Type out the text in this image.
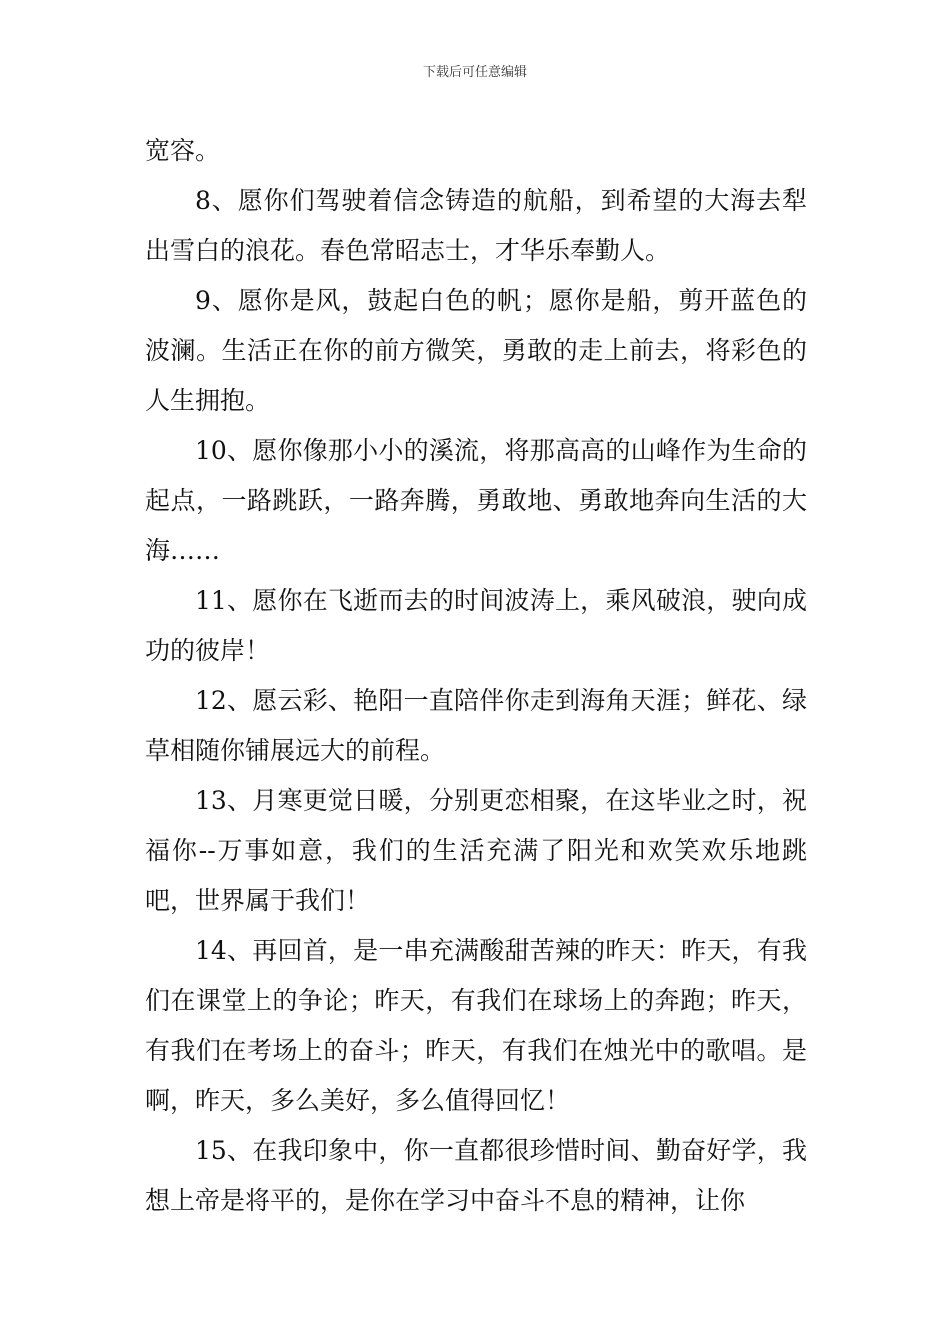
下载后可任意编辑

宽容。

8、愿你们驾驶着信念铸造的航船，到希望的大海去犁出雪白的浪花。春色常昭志士，才华乐奉勤人。

9、愿你是风，鼓起白色的帆；愿你是船，剪开蓝色的波澜。生活正在你的前方微笑，勇敢的走上前去，将彩色的人生拥抱。

10、愿你像那小小的溪流，将那高高的山峰作为生命的起点，一路跳跃，一路奔腾，勇敢地、勇敢地奔向生活的大海……

11、愿你在飞逝而去的时间波涛上，乘风破浪，驶向成功的彼岸！

12、愿云彩、艳阳一直陪伴你走到海角天涯；鲜花、绿草相随你铺展远大的前程。

13、月寒更觉日暖，分别更恋相聚，在这毕业之时，祝福你--万事如意，我们的生活充满了阳光和欢笑欢乐地跳吧，世界属于我们！

14、再回首，是一串充满酸甜苦辣的昨天：昨天，有我们在课堂上的争论；昨天，有我们在球场上的奔跑；昨天，有我们在考场上的奋斗；昨天，有我们在烛光中的歌唱。是啊，昨天，多么美好，多么值得回忆！

15、在我印象中，你一直都很珍惜时间、勤奋好学，我想上帝是将平的，是你在学习中奋斗不息的精神，让你
